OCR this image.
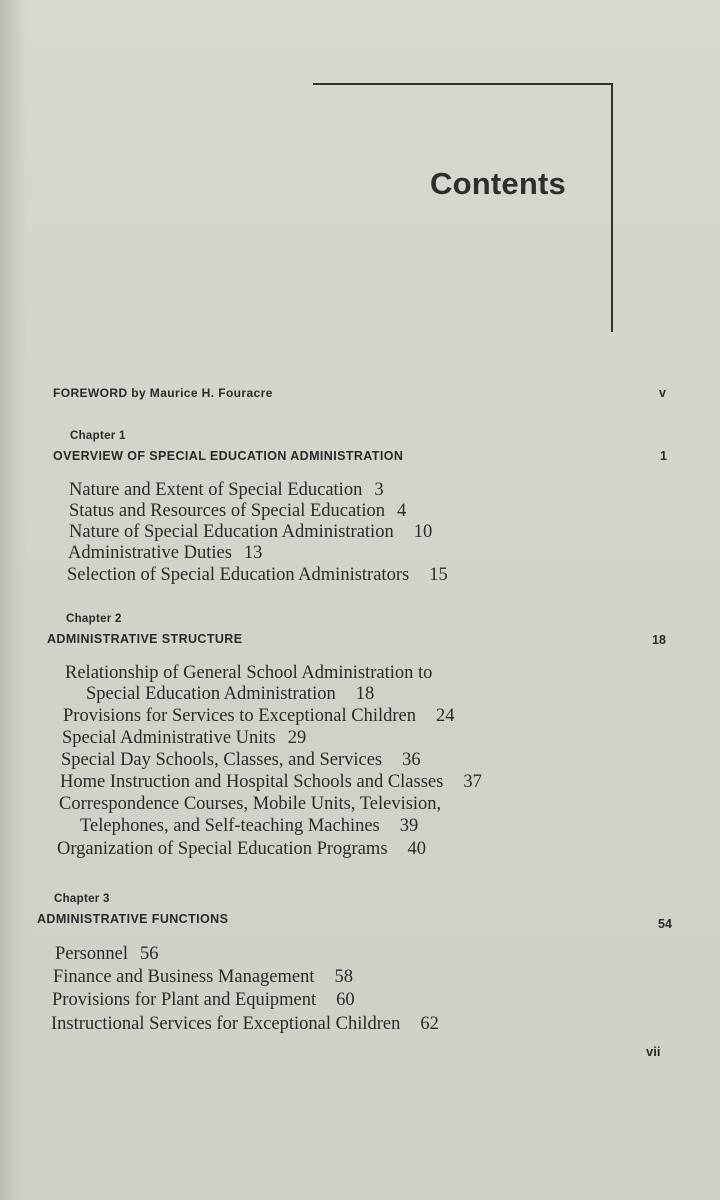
Contents
FOREWORD by Maurice H. Fouracre	v
Chapter 1
OVERVIEW OF SPECIAL EDUCATION ADMINISTRATION	1
Nature and Extent of Special Education 3
Status and Resources of Special Education 4
Nature of Special Education Administration 10
Administrative Duties 13
Selection of Special Education Administrators 15
Chapter 2
ADMINISTRATIVE STRUCTURE	18
Relationship of General School Administration to
Special Education Administration 18
Provisions for Services to Exceptional Children 24
Special Administrative Units 29
Special Day Schools, Classes, and Services 36
Home Instruction and Hospital Schools and Classes 37
Correspondence Courses, Mobile Units, Television,
Telephones, and Self-teaching Machines 39
Organization of Special Education Programs 40
Chapter 3
ADMINISTRATIVE FUNCTIONS	54
Personnel 56
Finance and Business Management 58
Provisions for Plant and Equipment 60
Instructional Services for Exceptional Children 62
vii
